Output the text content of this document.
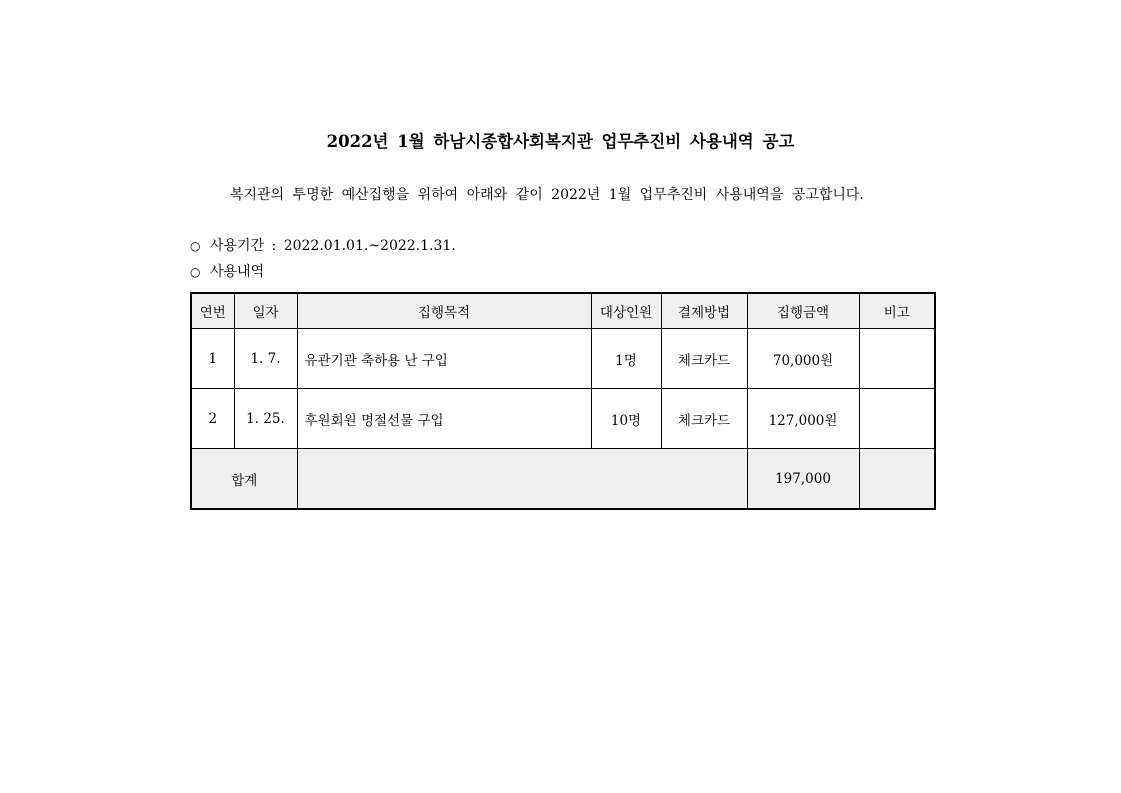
2022년 1월 하남시종합사회복지관 업무추진비 사용내역 공고
복지관의 투명한 예산집행을 위하여 아래와 같이 2022년 1월 업무추진비 사용내역을 공고합니다.
○ 사용기간 : 2022.01.01.~2022.1.31.
○ 사용내역
연번	일자	집행목적	대상인원	결제방법	집행금액	비고
1	1. 7.	유관기관 축하용 난 구입	1명	체크카드	70,000원	
2	1. 25.	후원회원 명절선물 구입	10명	체크카드	127,000원	
합계					197,000	
